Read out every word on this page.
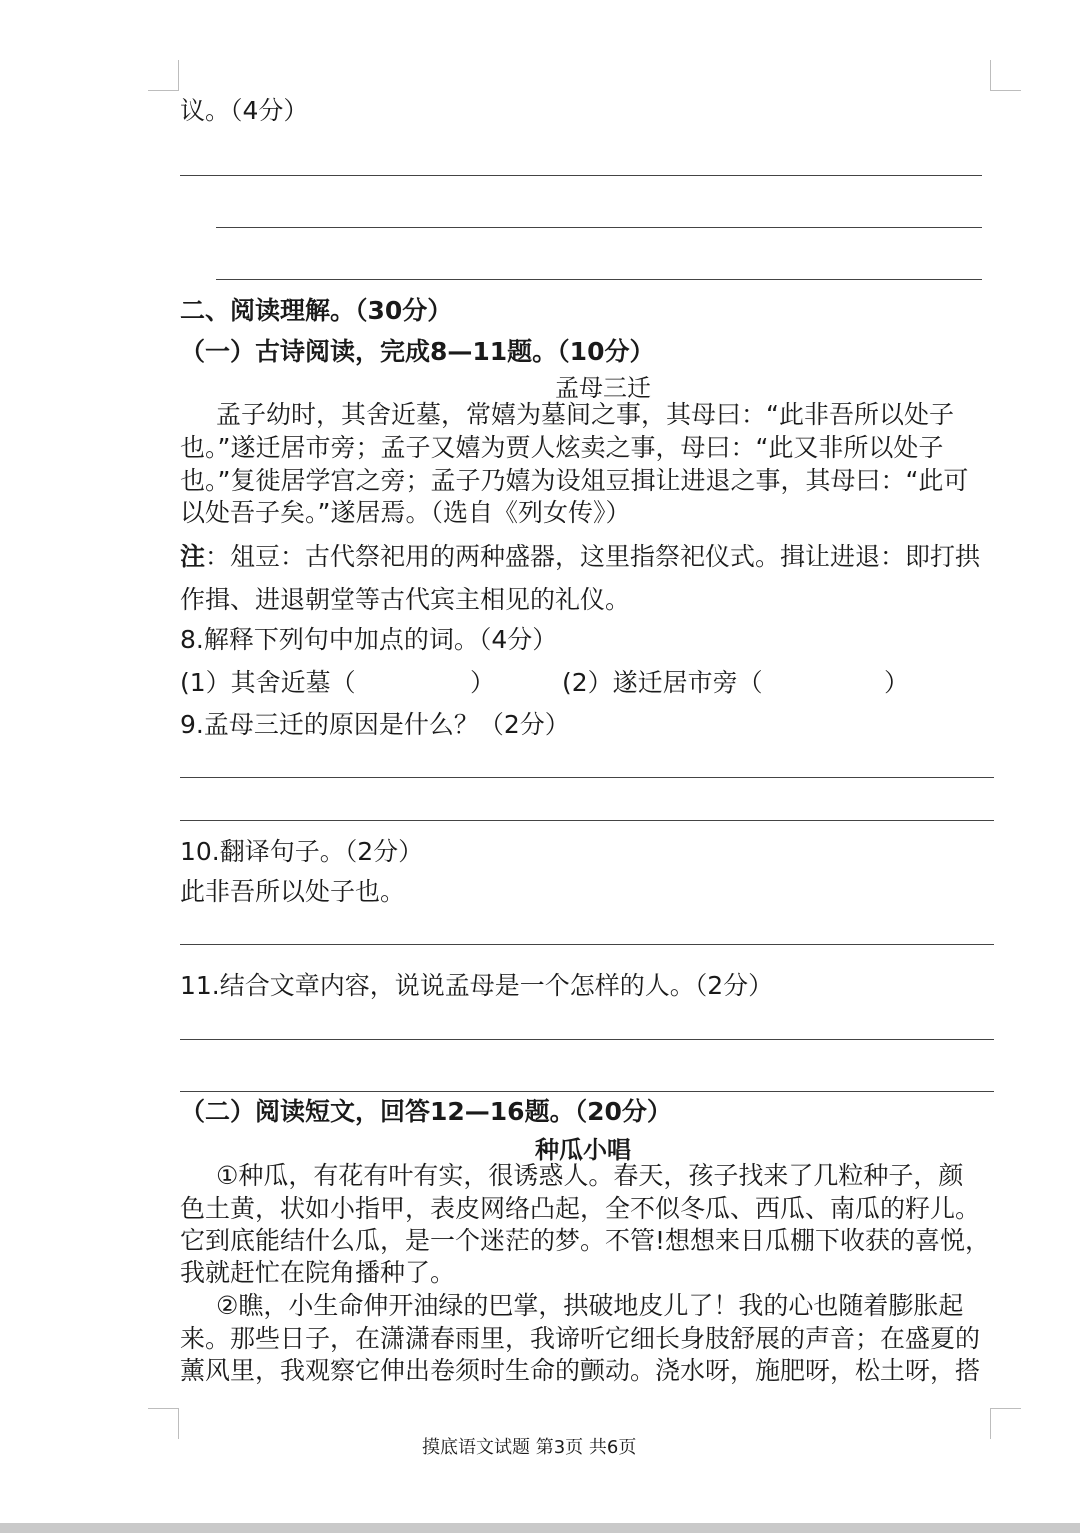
议。（4分）
二、阅读理解。（30分）
（一）古诗阅读，完成8—11题。（10分）
孟母三迁
孟子幼时，其舍近墓，常嬉为墓间之事，其母曰：“此非吾所以处子
也。”遂迁居市旁；孟子又嬉为贾人炫卖之事，母曰：“此又非所以处子
也。”复徙居学宫之旁；孟子乃嬉为设俎豆揖让进退之事，其母曰：“此可
以处吾子矣。”遂居焉。（选自《列女传》）
注：俎豆：古代祭祀用的两种盛器，这里指祭祀仪式。揖让进退：即打拱
作揖、进退朝堂等古代宾主相见的礼仪。
8.解释下列句中加点的词。（4分）
(1）其舍近墓（	）	(2）遂迁居市旁（	）
9.孟母三迁的原因是什么？（2分）
10.翻译句子。（2分）
此非吾所以处子也。
11.结合文章内容，说说孟母是一个怎样的人。（2分）
（二）阅读短文，回答12—16题。（20分）
种瓜小唱
①种瓜，有花有叶有实，很诱惑人。春天，孩子找来了几粒种子，颜
色土黄，状如小指甲，表皮网络凸起，全不似冬瓜、西瓜、南瓜的籽儿。
它到底能结什么瓜，是一个迷茫的梦。不管!想想来日瓜棚下收获的喜悦，
我就赶忙在院角播种了。
②瞧，小生命伸开油绿的巴掌，拱破地皮儿了！我的心也随着膨胀起
来。那些日子，在潇潇春雨里，我谛听它细长身肢舒展的声音；在盛夏的
薰风里，我观察它伸出卷须时生命的颤动。浇水呀，施肥呀，松土呀，搭
摸底语文试题 第3页 共6页
